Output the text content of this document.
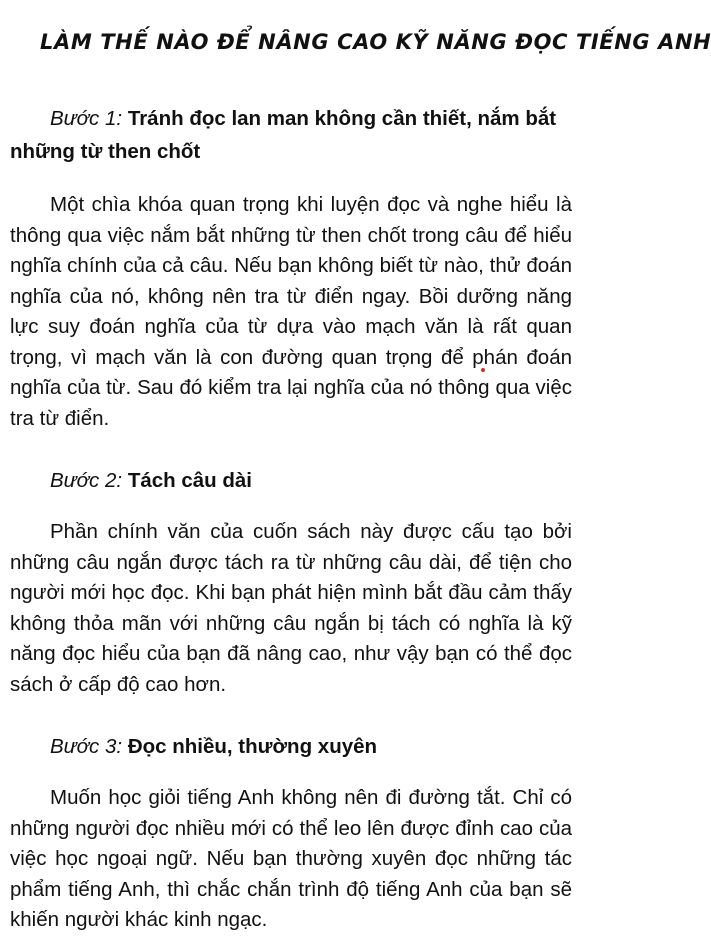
LÀM THẾ NÀO ĐỂ NÂNG CAO KỸ NĂNG ĐỌC TIẾNG ANH

Bước 1: Tránh đọc lan man không cần thiết, nắm bắt những từ then chốt

Một chìa khóa quan trọng khi luyện đọc và nghe hiểu là thông qua việc nắm bắt những từ then chốt trong câu để hiểu nghĩa chính của cả câu. Nếu bạn không biết từ nào, thử đoán nghĩa của nó, không nên tra từ điển ngay. Bồi dưỡng năng lực suy đoán nghĩa của từ dựa vào mạch văn là rất quan trọng, vì mạch văn là con đường quan trọng để phán đoán nghĩa của từ. Sau đó kiểm tra lại nghĩa của nó thông qua việc tra từ điển.

Bước 2: Tách câu dài

Phần chính văn của cuốn sách này được cấu tạo bởi những câu ngắn được tách ra từ những câu dài, để tiện cho người mới học đọc. Khi bạn phát hiện mình bắt đầu cảm thấy không thỏa mãn với những câu ngắn bị tách có nghĩa là kỹ năng đọc hiểu của bạn đã nâng cao, như vậy bạn có thể đọc sách ở cấp độ cao hơn.

Bước 3: Đọc nhiều, thường xuyên

Muốn học giỏi tiếng Anh không nên đi đường tắt. Chỉ có những người đọc nhiều mới có thể leo lên được đỉnh cao của việc học ngoại ngữ. Nếu bạn thường xuyên đọc những tác phẩm tiếng Anh, thì chắc chắn trình độ tiếng Anh của bạn sẽ khiến người khác kinh ngạc.
